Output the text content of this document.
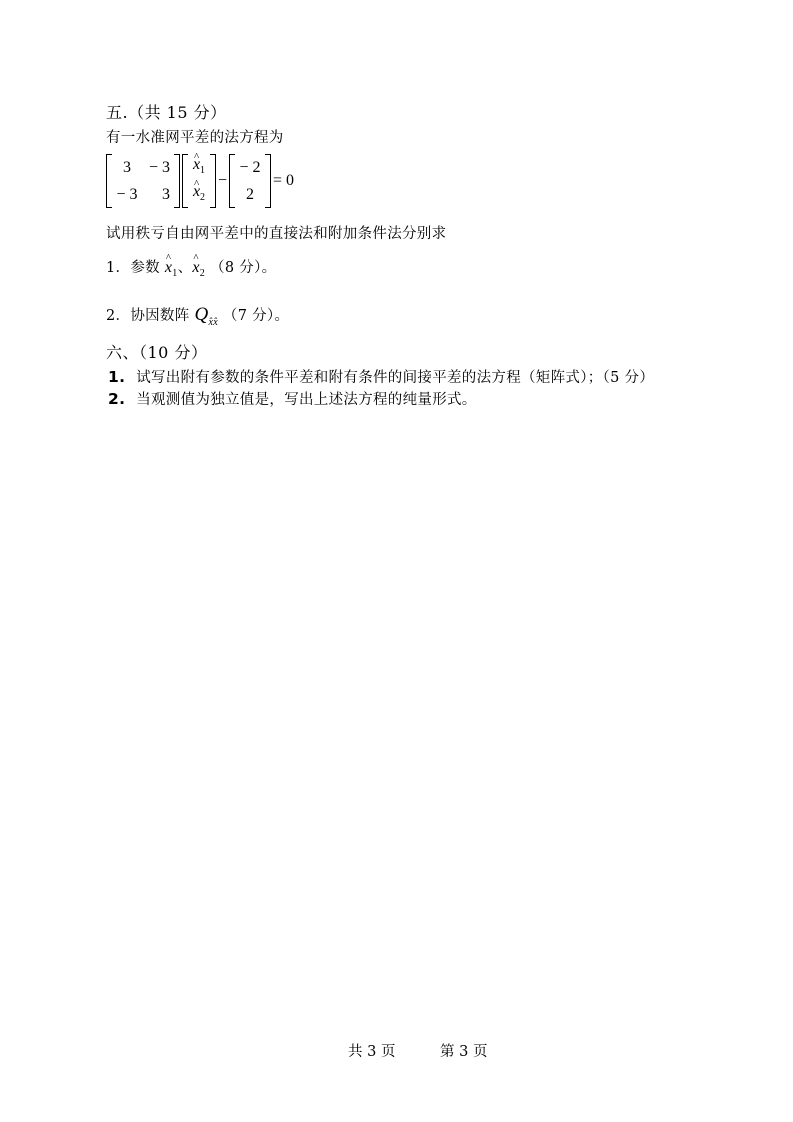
五.（共 15 分）
有一水准网平差的法方程为
3	− 3
− 3	3
^ $x_1$
^ $x_2$
−
− 2
2
= 0
试用秩亏自由网平差中的直接法和附加条件法分别求
1．参数 ^ $x_1$、^ $x_2$ （8 分）。
2．协因数阵 $Q_{x̂x̂}$ （7 分）。
六、（10 分）
1. 试写出附有参数的条件平差和附有条件的间接平差的法方程（矩阵式）；（5 分）
2. 当观测值为独立值是，写出上述法方程的纯量形式。
共 3 页	第 3 页
